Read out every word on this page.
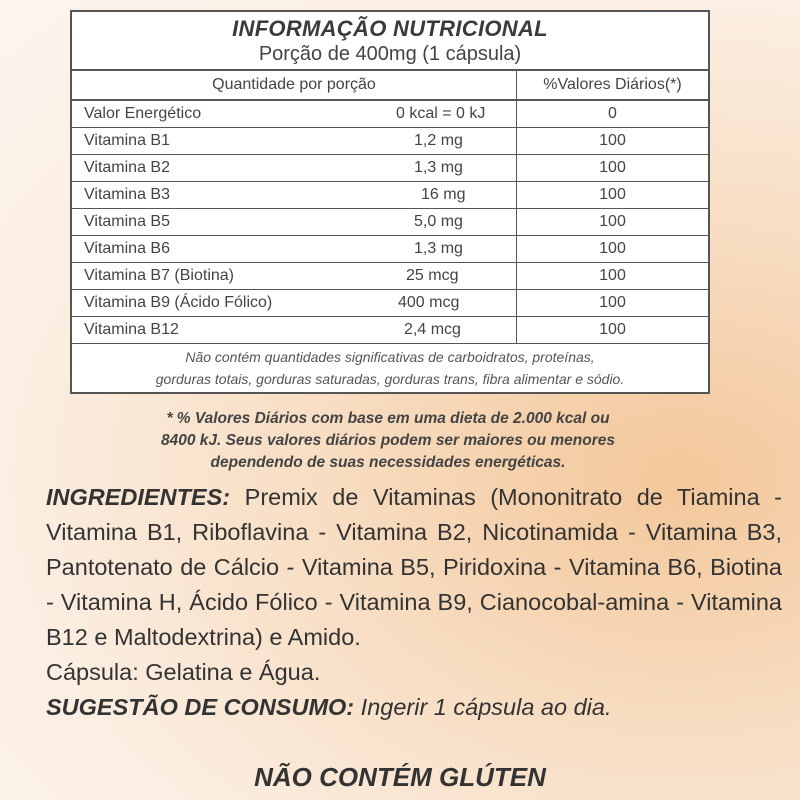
INFORMAÇÃO NUTRICIONAL
Porção de 400mg (1 cápsula)
Quantidade por porção		%Valores Diários(*)
Valor Energético	0 kcal = 0 kJ	0
Vitamina B1	1,2 mg	100
Vitamina B2	1,3 mg	100
Vitamina B3	16 mg	100
Vitamina B5	5,0 mg	100
Vitamina B6	1,3 mg	100
Vitamina B7 (Biotina)	25 mcg	100
Vitamina B9 (Ácido Fólico)	400 mcg	100
Vitamina B12	2,4 mcg	100
Não contém quantidades significativas de carboidratos, proteínas,
gorduras totais, gorduras saturadas, gorduras trans, fibra alimentar e sódio.
* % Valores Diários com base em uma dieta de 2.000 kcal ou
8400 kJ. Seus valores diários podem ser maiores ou menores
dependendo de suas necessidades energéticas.
INGREDIENTES: Premix de Vitaminas (Mononitrato de Tiamina - Vitamina B1, Riboflavina - Vitamina B2, Nicotinamida - Vitamina B3, Pantotenato de Cálcio - Vitamina B5, Piridoxina - Vitamina B6, Biotina - Vitamina H, Ácido Fólico - Vitamina B9, Cianocobal-amina - Vitamina B12 e Maltodextrina) e Amido.
Cápsula: Gelatina e Água.
SUGESTÃO DE CONSUMO: Ingerir 1 cápsula ao dia.
NÃO CONTÉM GLÚTEN
